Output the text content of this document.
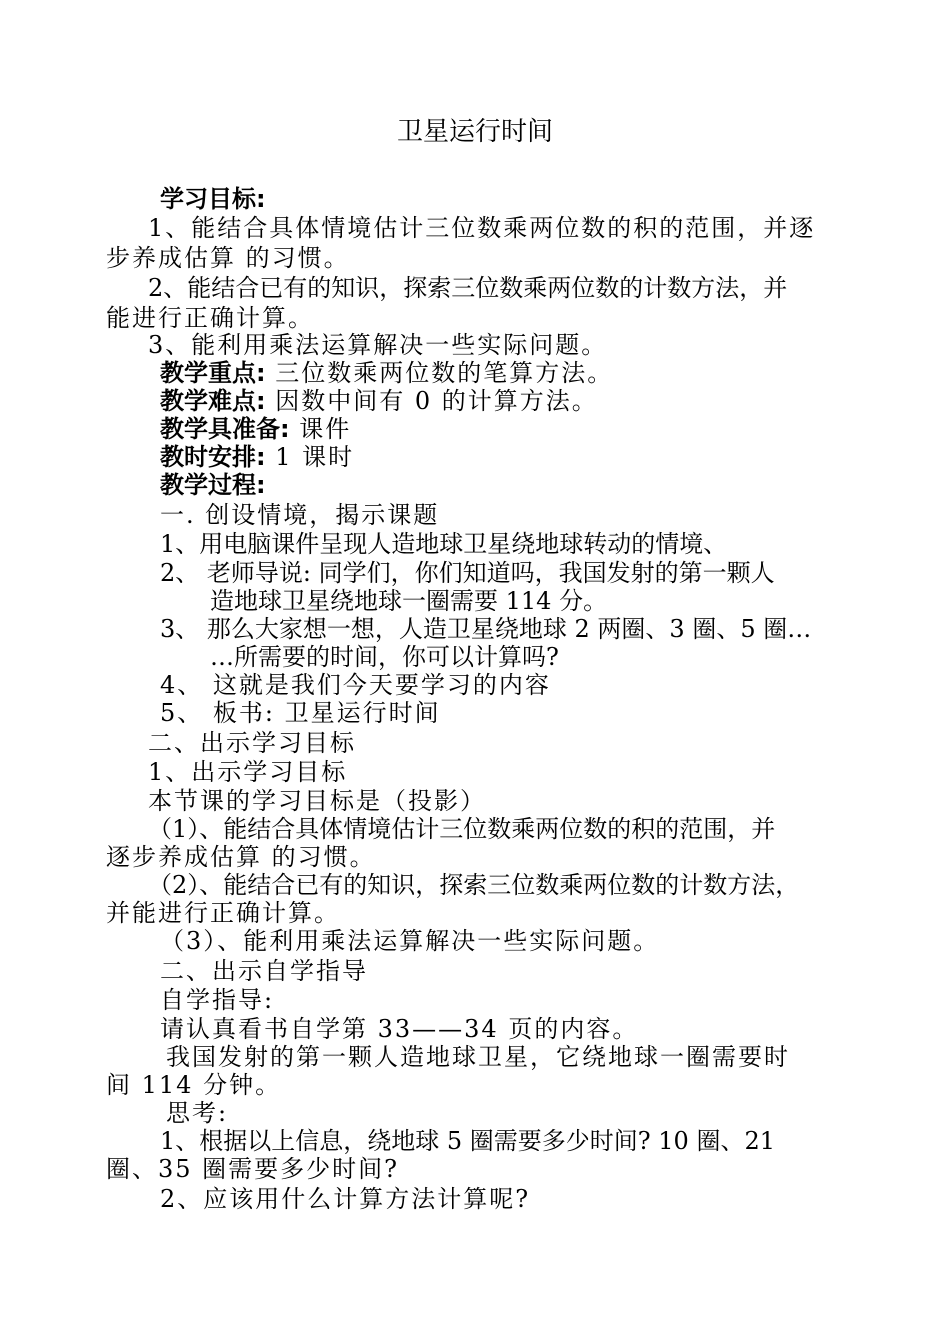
卫星运行时间
学习目标:
1、能结合具体情境估计三位数乘两位数的积的范围，并逐
步养成估算 的习惯。
2、能结合已有的知识，探索三位数乘两位数的计数方法，并
能进行正确计算。
3、能利用乘法运算解决一些实际问题。
教学重点: 三位数乘两位数的笔算方法。
教学难点: 因数中间有 0 的计算方法。
教学具准备: 课件
教时安排: 1 课时
教学过程:
一. 创设情境，揭示课题
1、用电脑课件呈现人造地球卫星绕地球转动的情境、
2、 老师导说: 同学们，你们知道吗，我国发射的第一颗人
造地球卫星绕地球一圈需要 114 分。
3、 那么大家想一想，人造卫星绕地球 2 两圈、3 圈、5 圈…
…所需要的时间，你可以计算吗?
4、 这就是我们今天要学习的内容
5、 板书: 卫星运行时间
二、出示学习目标
1、出示学习目标
本节课的学习目标是（投影）
（1）、能结合具体情境估计三位数乘两位数的积的范围，并
逐步养成估算 的习惯。
（2）、能结合已有的知识，探索三位数乘两位数的计数方法，
并能进行正确计算。
（3）、能利用乘法运算解决一些实际问题。
二、出示自学指导
自学指导:
请认真看书自学第 33——34 页的内容。
我国发射的第一颗人造地球卫星，它绕地球一圈需要时
间 114 分钟。
思考:
1、根据以上信息，绕地球 5 圈需要多少时间? 10 圈、21
圈、35 圈需要多少时间?
2、应该用什么计算方法计算呢?
